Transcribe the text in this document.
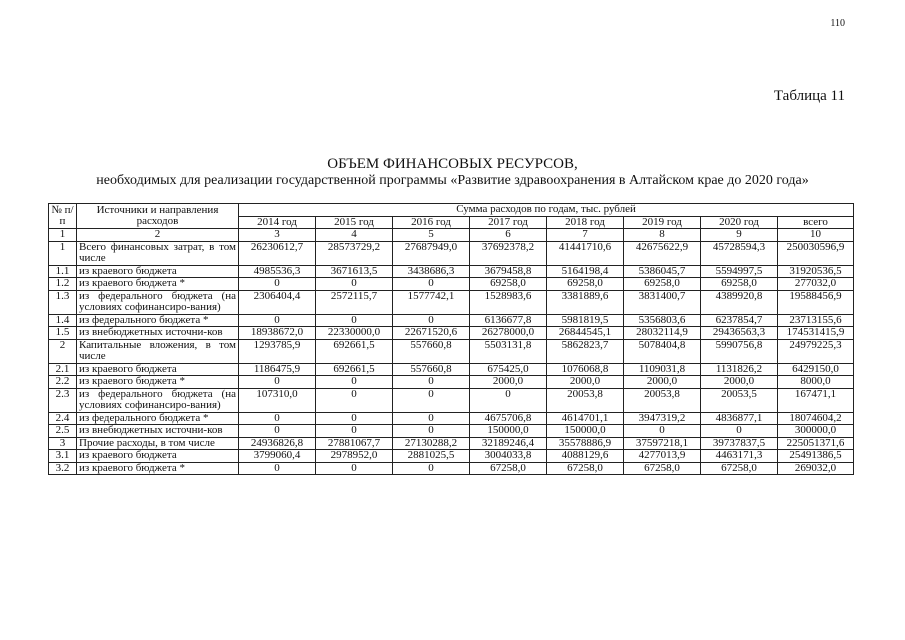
110
Таблица 11
ОБЪЕМ ФИНАНСОВЫХ РЕСУРСОВ,
необходимых для реализации государственной программы «Развитие здравоохранения в Алтайском крае до 2020 года»
№ п/п	Источники и направления расходов	Сумма расходов по годам, тыс. рублей							
		2014 год	2015 год	2016 год	2017 год	2018 год	2019 год	2020 год	всего
1	2	3	4	5	6	7	8	9	10
1	Всего финансовых затрат, в том числе	26230612,7	28573729,2	27687949,0	37692378,2	41441710,6	42675622,9	45728594,3	250030596,9
1.1	из краевого бюджета	4985536,3	3671613,5	3438686,3	3679458,8	5164198,4	5386045,7	5594997,5	31920536,5
1.2	из краевого бюджета *	0	0	0	69258,0	69258,0	69258,0	69258,0	277032,0
1.3	из федерального бюджета (на условиях софинансиро-вания)	2306404,4	2572115,7	1577742,1	1528983,6	3381889,6	3831400,7	4389920,8	19588456,9
1.4	из федерального бюджета *	0	0	0	6136677,8	5981819,5	5356803,6	6237854,7	23713155,6
1.5	из внебюджетных источни-ков	18938672,0	22330000,0	22671520,6	26278000,0	26844545,1	28032114,9	29436563,3	174531415,9
2	Капитальные вложения, в том числе	1293785,9	692661,5	557660,8	5503131,8	5862823,7	5078404,8	5990756,8	24979225,3
2.1	из краевого бюджета	1186475,9	692661,5	557660,8	675425,0	1076068,8	1109031,8	1131826,2	6429150,0
2.2	из краевого бюджета *	0	0	0	2000,0	2000,0	2000,0	2000,0	8000,0
2.3	из федерального бюджета (на условиях софинансиро-вания)	107310,0	0	0	0	20053,8	20053,8	20053,5	167471,1
2.4	из федерального бюджета *	0	0	0	4675706,8	4614701,1	3947319,2	4836877,1	18074604,2
2.5	из внебюджетных источни-ков	0	0	0	150000,0	150000,0	0	0	300000,0
3	Прочие расходы, в том числе	24936826,8	27881067,7	27130288,2	32189246,4	35578886,9	37597218,1	39737837,5	225051371,6
3.1	из краевого бюджета	3799060,4	2978952,0	2881025,5	3004033,8	4088129,6	4277013,9	4463171,3	25491386,5
3.2	из краевого бюджета *	0	0	0	67258,0	67258,0	67258,0	67258,0	269032,0
